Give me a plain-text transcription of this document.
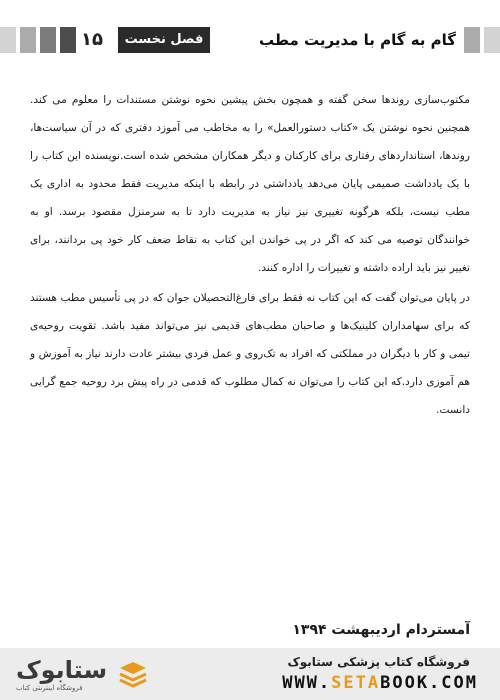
۱۵	فصل نخست	گام به گام با مدیریت مطب

مکتوب‌سازی روندها سخن گفته و همچون بخش پیشین نحوه نوشتن مستندات را معلوم می کند. همچنین نحوه نوشتن یک «کتاب دستورالعمل» را به مخاطب می آموزد دفتری که در آن سیاست‌ها، روندها، استانداردهای رفتاری برای کارکنان و دیگر همکاران مشخص شده است.نویسنده این کتاب را با یک یادداشت صمیمی پایان می‌دهد یادداشتی در رابطه با اینکه مدیریت فقط محدود به اداری یک مطب نیست، بلکه هرگونه تغییری نیز نیاز به مدیریت دارد تا به سرمنزل مقصود برسد. او به خوانندگان توصیه می کند که اگر در پی خواندن این کتاب به نقاط ضعف کار خود پی بردانند، برای تغییر نیز باید اراده داشته و تغییرات را اداره کنند.

در پایان می‌توان گفت که این کتاب نه فقط برای فارغ‌التحصیلان جوان که در پی تأسیس مطب هستند که برای سهامداران کلینیک‌ها و صاحبان مطب‌های قدیمی نیز می‌تواند مفید باشد. تقویت روحیه‌ی تیمی و کار با دیگران در مملکتی که افراد به تک‌روی و عمل فردی بیشتر عادت دارند نیاز به آموزش و هم آموزی دارد.که این کتاب را می‌توان نه کمال مطلوب که قدمی در راه پیش برد روحیه جمع گرایی دانست.

آمستردام اردیبهشت ۱۳۹۴
ستابوک
فروشگاه اینترنتی کتاب
فروشگاه کتاب پزشکی ستابوک
WWW.SETABOOK.COM
